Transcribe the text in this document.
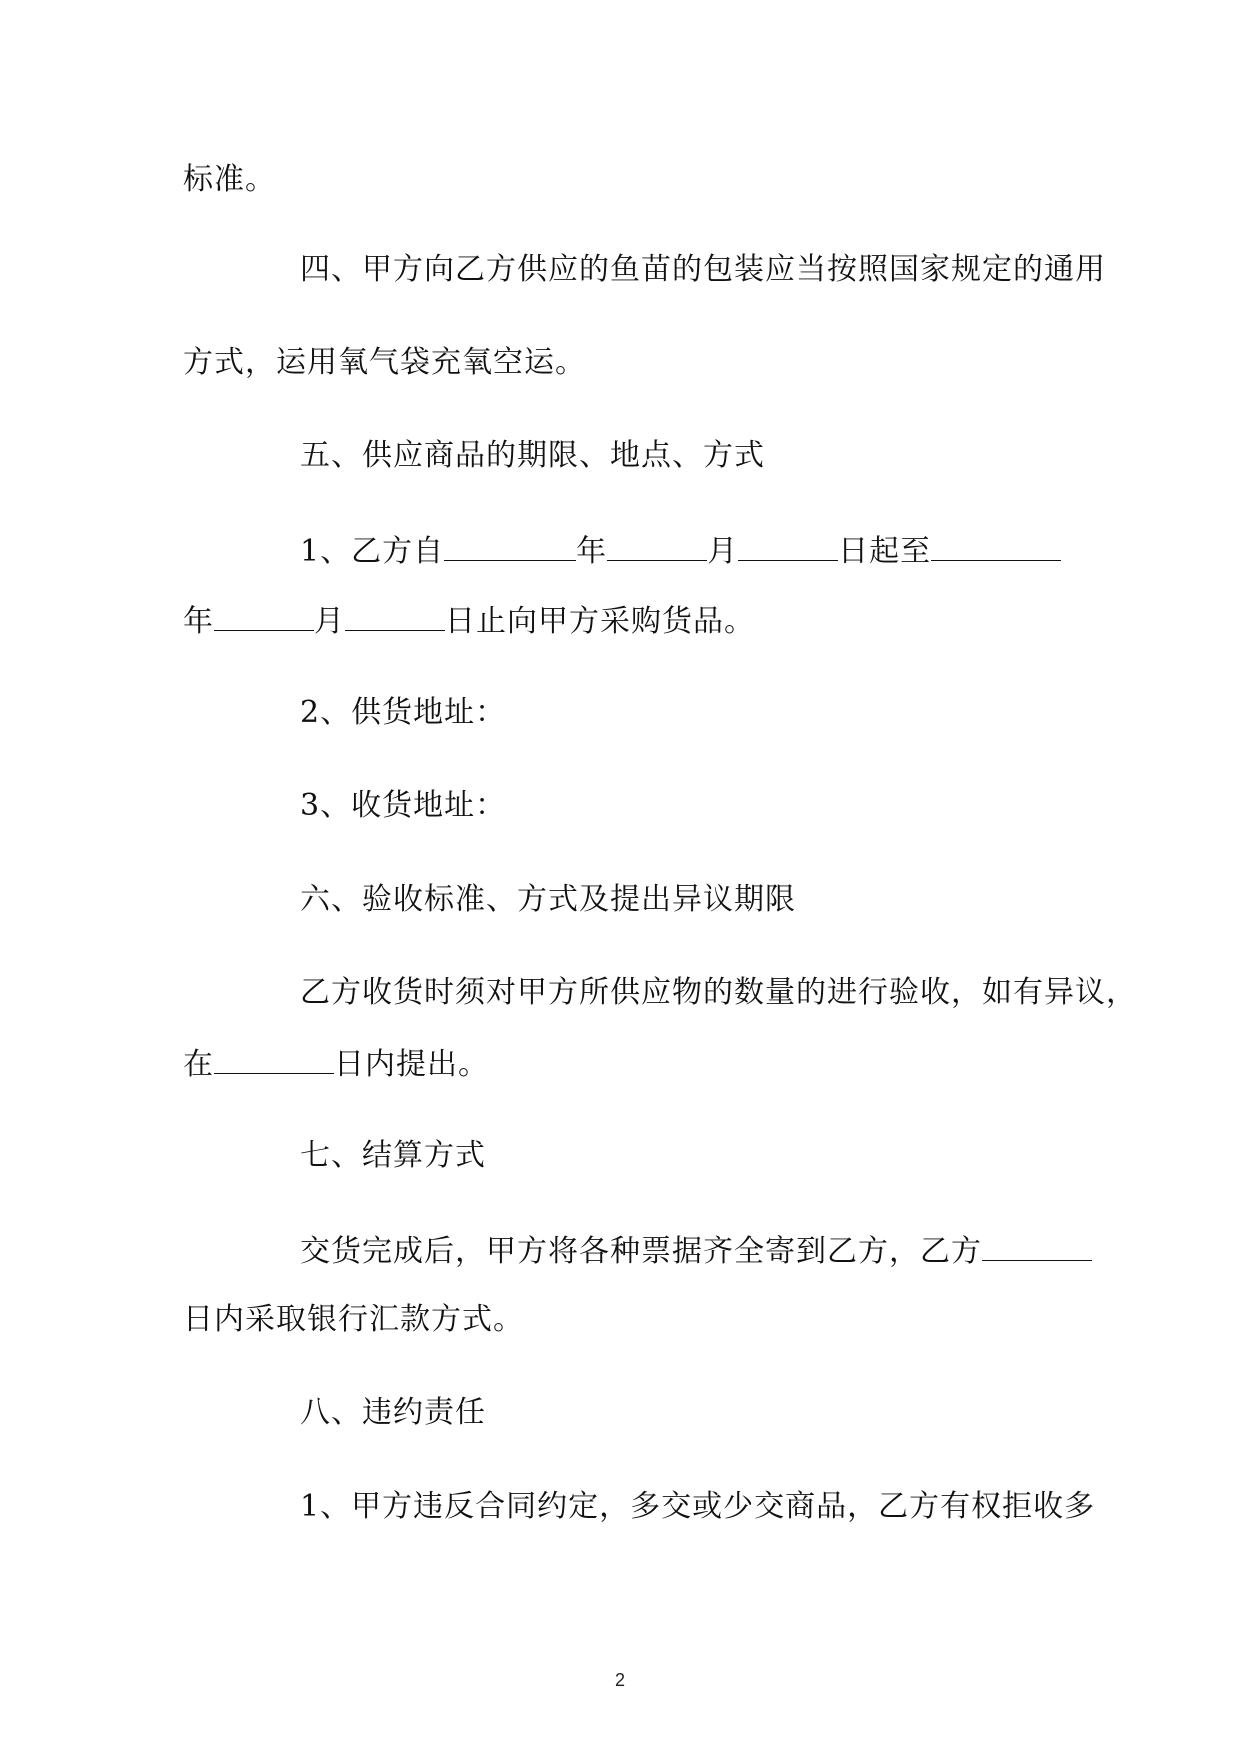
标准。
四、甲方向乙方供应的鱼苗的包装应当按照国家规定的通用
方式，运用氧气袋充氧空运。
五、供应商品的期限、地点、方式
1、乙方自	年	月	日起至
年	月	日止向甲方采购货品。
2、供货地址：
3、收货地址：
六、验收标准、方式及提出异议期限
乙方收货时须对甲方所供应物的数量的进行验收，如有异议，
在	日内提出。
七、结算方式
交货完成后，甲方将各种票据齐全寄到乙方，乙方
日内采取银行汇款方式。
八、违约责任
1、甲方违反合同约定，多交或少交商品，乙方有权拒收多
2
